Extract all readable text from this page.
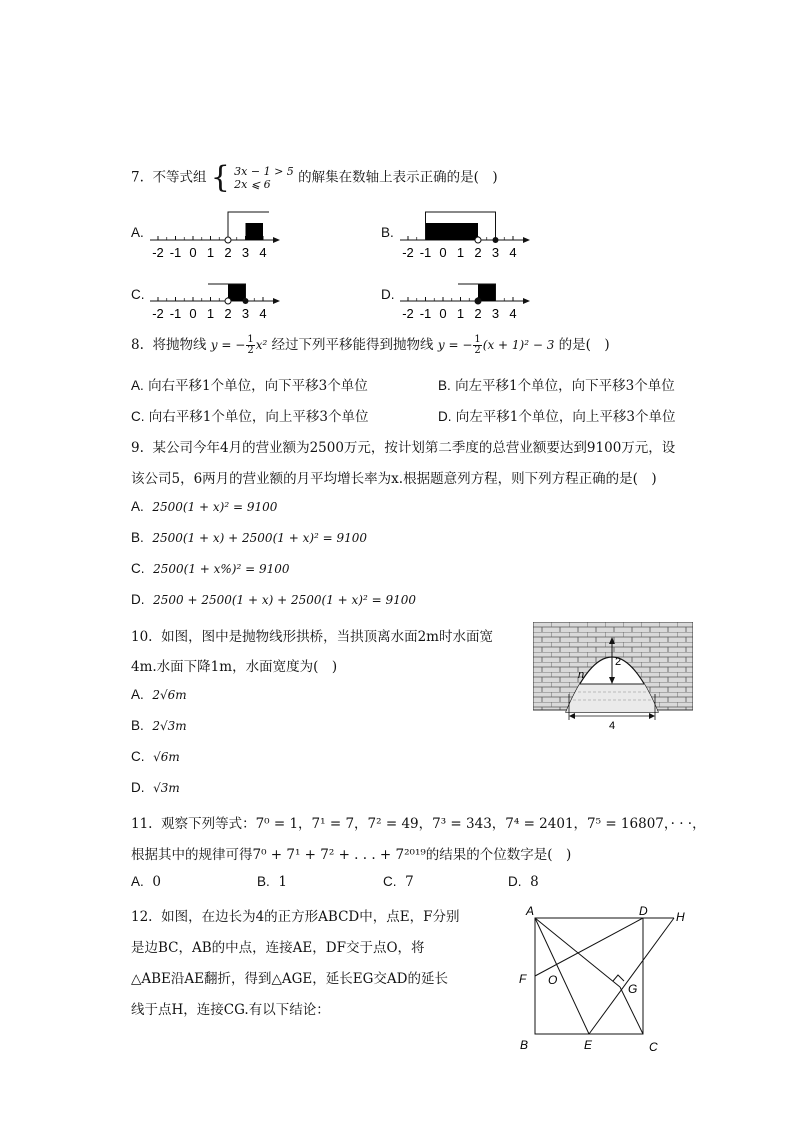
7. 不等式组 { 3x − 1 > 5
2x ⩽ 6	的解集在数轴上表示正确的是(　)
A.
-2 -1 0 1 2 3 4
B.
-2 -1 0 1 2 3 4
C.
-2 -1 0 1 2 3 4
D.
-2 -1 0 1 2 3 4
8. 将抛物线 y = − $\frac{1}{2} x^2$ 经过下列平移能得到抛物线 y = − $\frac{1}{2} (x + 1)^2 - 3$ 的是(　)
A. 向右平移1个单位，向下平移3个单位	B. 向左平移1个单位，向下平移3个单位
C. 向右平移1个单位，向上平移3个单位	D. 向左平移1个单位，向上平移3个单位
9. 某公司今年4月的营业额为2500万元，按计划第二季度的总营业额要达到9100万元，设
该公司5，6两月的营业额的月平均增长率为x.根据题意列方程，则下列方程正确的是(　)
A. 2500(1 + x)² = 9100
B. 2500(1 + x) + 2500(1 + x)² = 9100
C. 2500(1 + x%)² = 9100
D. 2500 + 2500(1 + x) + 2500(1 + x)² = 9100
10. 如图，图中是抛物线形拱桥，当拱顶离水面2m时水面宽
4m.水面下降1m，水面宽度为(　)
A. 2√6m
B. 2√3m
C. √6m
D. √3m
2
n
4
11. 观察下列等式：7⁰ = 1，7¹ = 7，7² = 49，7³ = 343，7⁴ = 2401，7⁵ = 16807，· · ·，
根据其中的规律可得7⁰ + 7¹ + 7² + . . . + 7²⁰¹⁹的结果的个位数字是(　)
A. 0	B. 1	C. 7	D. 8
12. 如图，在边长为4的正方形ABCD中，点E，F分别
是边BC，AB的中点，连接AE，DF交于点O，将
△ABE沿AE翻折，得到△AGE，延长EG交AD的延长
线于点H，连接CG.有以下结论：
A	D H
F O
G
B	E	C
